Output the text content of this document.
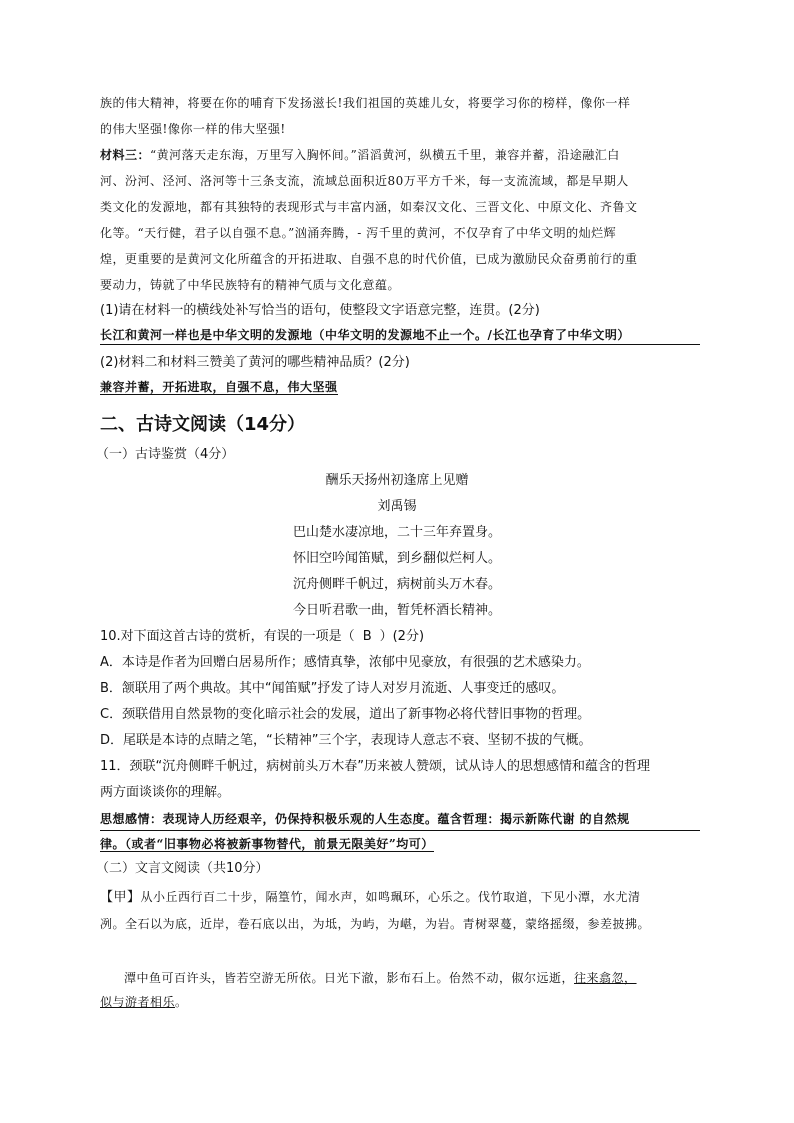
族的伟大精神，将要在你的哺育下发扬滋长!我们祖国的英雄儿女，将要学习你的榜样，像你一样
的伟大坚强!像你一样的伟大坚强!
材料三：“黄河落天走东海，万里写入胸怀间。”滔滔黄河，纵横五千里，兼容并蓄，沿途融汇白
河、汾河、泾河、洛河等十三条支流，流域总面积近80万平方千米，每一支流流域，都是早期人
类文化的发源地，都有其独特的表现形式与丰富内涵，如秦汉文化、三晋文化、中原文化、齐鲁文
化等。“天行健，君子以自强不息。”汹涌奔腾，- 泻千里的黄河，不仅孕育了中华文明的灿烂辉
煌，更重要的是黄河文化所蕴含的开拓进取、自强不息的时代价值，已成为激励民众奋勇前行的重
要动力，铸就了中华民族特有的精神气质与文化意蕴。
(1)请在材料一的横线处补写恰当的语句，使整段文字语意完整，连贯。(2分)
长江和黄河一样也是中华文明的发源地（中华文明的发源地不止一个。/长江也孕育了中华文明）
(2)材料二和材料三赞美了黄河的哪些精神品质？(2分)
兼容并蓄，开拓进取，自强不息，伟大坚强
二、古诗文阅读（14分）
（一）古诗鉴赏（4分）
酬乐天扬州初逢席上见赠
刘禹锡
巴山楚水凄凉地，二十三年弃置身。
怀旧空吟闻笛赋，到乡翻似烂柯人。
沉舟侧畔千帆过，病树前头万木春。
今日听君歌一曲，暂凭杯酒长精神。
10.对下面这首古诗的赏析，有误的一项是（ B ）(2分)
A．本诗是作者为回赠白居易所作；感情真挚，浓郁中见豪放，有很强的艺术感染力。
B．颔联用了两个典故。其中“闻笛赋”抒发了诗人对岁月流逝、人事变迁的感叹。
C．颈联借用自然景物的变化暗示社会的发展，道出了新事物必将代替旧事物的哲理。
D．尾联是本诗的点睛之笔，“长精神”三个字，表现诗人意志不衰、坚韧不拔的气概。
11．颈联“沉舟侧畔千帆过，病树前头万木春”历来被人赞颂，试从诗人的思想感情和蕴含的哲理
两方面谈谈你的理解。
思想感情：表现诗人历经艰辛，仍保持积极乐观的人生态度。蕴含哲理：揭示新陈代谢 的自然规
律。（或者“旧事物必将被新事物替代，前景无限美好”均可）
（二）文言文阅读（共10分）
【甲】从小丘西行百二十步，隔篁竹，闻水声，如鸣珮环，心乐之。伐竹取道，下见小潭，水尤清
冽。全石以为底，近岸，卷石底以出，为坻，为屿，为嵁，为岩。青树翠蔓，蒙络摇缀，参差披拂。
潭中鱼可百许头，皆若空游无所依。日光下澈，影布石上。佁然不动，俶尔远逝，往来翕忽，
似与游者相乐。
